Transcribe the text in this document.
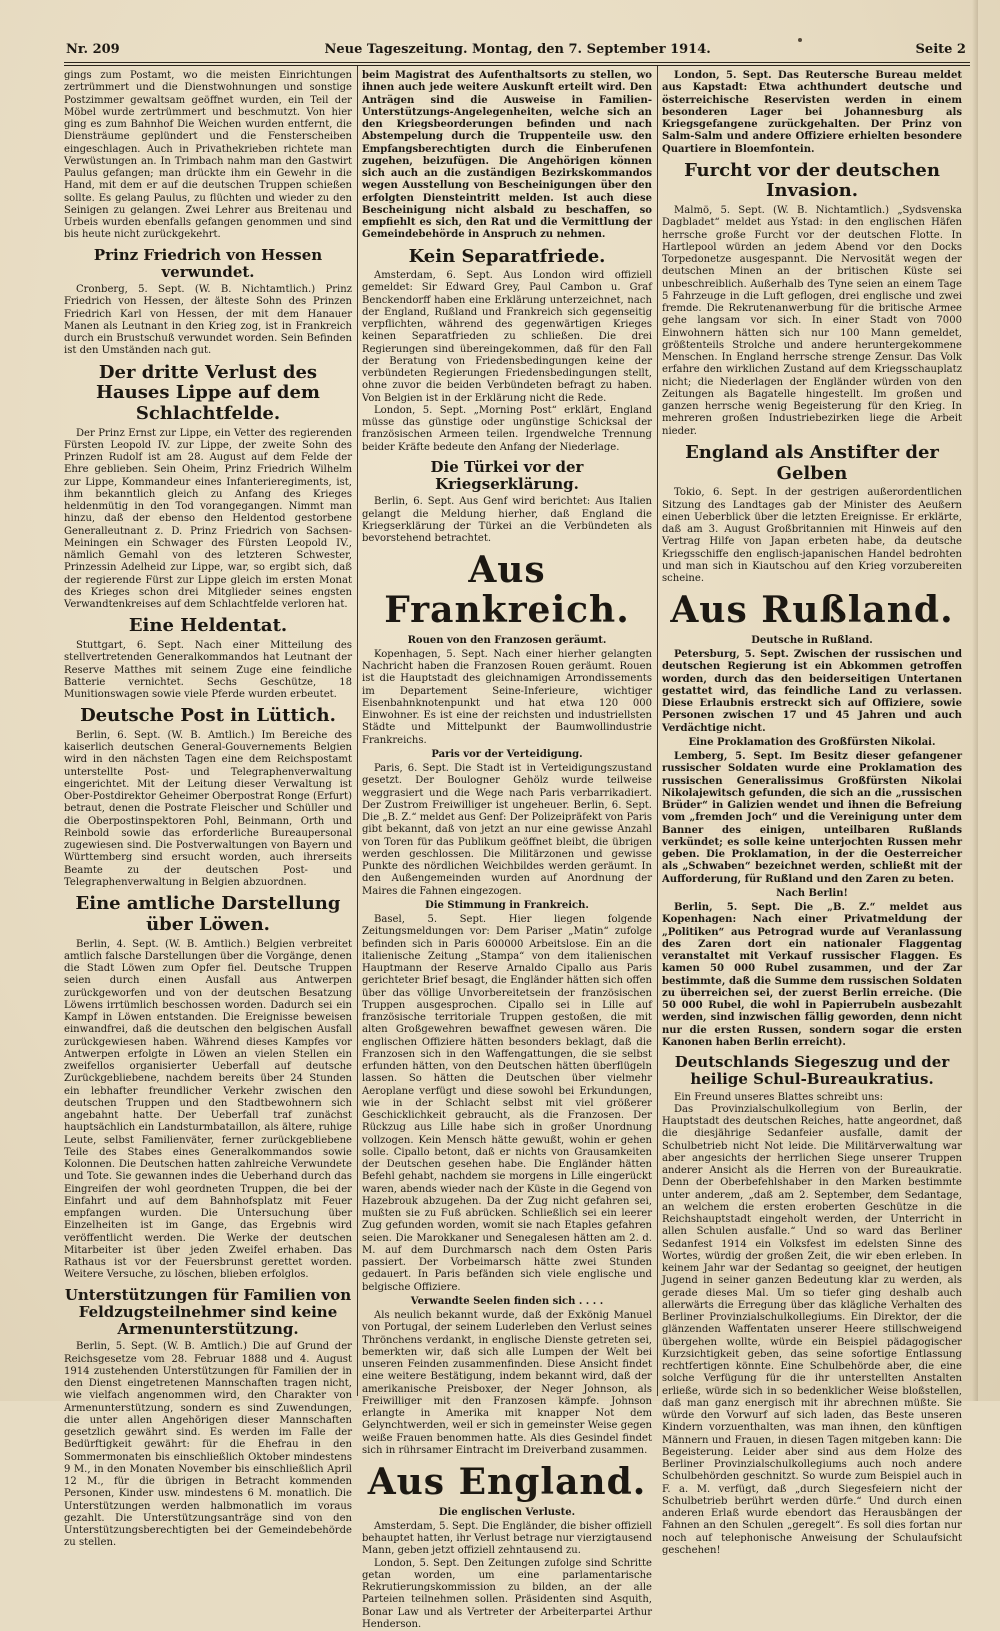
Nr. 209	Neue Tageszeitung. Montag, den 7. September 1914.	Seite 2

gings zum Postamt, wo die meisten Einrichtungen zertrümmert und die Dienstwohnungen und sonstige Postzimmer gewaltsam geöffnet wurden, ein Teil der Möbel wurde zertrümmert und beschmutzt. Von hier ging es zum Bahnhof Die Weichen wurden entfernt, die Diensträume geplündert und die Fensterscheiben eingeschlagen. Auch in Privathekrieben richtete man Verwüstungen an. In Trimbach nahm man den Gastwirt Paulus gefangen; man drückte ihm ein Gewehr in die Hand, mit dem er auf die deutschen Truppen schießen sollte. Es gelang Paulus, zu flüchten und wieder zu den Seinigen zu gelangen. Zwei Lehrer aus Breitenau und Urbeis wurden ebenfalls gefangen genommen und sind bis heute nicht zurückgekehrt.

Prinz Friedrich von Hessen verwundet.

Cronberg, 5. Sept. (W. B. Nichtamtlich.) Prinz Friedrich von Hessen, der älteste Sohn des Prinzen Friedrich Karl von Hessen, der mit dem Hanauer Manen als Leutnant in den Krieg zog, ist in Frankreich durch ein Brustschuß verwundet worden. Sein Befinden ist den Umständen nach gut.

Der dritte Verlust des Hauses Lippe auf dem Schlachtfelde.

Der Prinz Ernst zur Lippe, ein Vetter des regierenden Fürsten Leopold IV. zur Lippe, der zweite Sohn des Prinzen Rudolf ist am 28. August auf dem Felde der Ehre geblieben. Sein Oheim, Prinz Friedrich Wilhelm zur Lippe, Kommandeur eines Infanterieregiments, ist, ihm bekanntlich gleich zu Anfang des Krieges heldenmütig in den Tod vorangegangen. Nimmt man hinzu, daß der ebenso den Heldentod gestorbene Generalleutnant z. D. Prinz Friedrich von Sachsen-Meiningen ein Schwager des Fürsten Leopold IV., nämlich Gemahl von des letzteren Schwester, Prinzessin Adelheid zur Lippe, war, so ergibt sich, daß der regierende Fürst zur Lippe gleich im ersten Monat des Krieges schon drei Mitglieder seines engsten Verwandtenkreises auf dem Schlachtfelde verloren hat.

Eine Heldentat.

Stuttgart, 6. Sept. Nach einer Mitteilung des stellvertretenden Generalkommandos hat Leutnant der Reserve Matthes mit seinem Zuge eine feindliche Batterie vernichtet. Sechs Geschütze, 18 Munitionswagen sowie viele Pferde wurden erbeutet.

Deutsche Post in Lüttich.

Berlin, 6. Sept. (W. B. Amtlich.) Im Bereiche des kaiserlich deutschen General-Gouvernements Belgien wird in den nächsten Tagen eine dem Reichspostamt unterstellte Post- und Telegraphenverwaltung eingerichtet. Mit der Leitung dieser Verwaltung ist Ober-Postdirektor Geheimer Oberpostrat Ronge (Erfurt) betraut, denen die Postrate Fleischer und Schüller und die Oberpostinspektoren Pohl, Beinmann, Orth und Reinbold sowie das erforderliche Bureaupersonal zugewiesen sind. Die Postverwaltungen von Bayern und Württemberg sind ersucht worden, auch ihrerseits Beamte zu der deutschen Post- und Telegraphenverwaltung in Belgien abzuordnen.

Eine amtliche Darstellung über Löwen.

Berlin, 4. Sept. (W. B. Amtlich.) Belgien verbreitet amtlich falsche Darstellungen über die Vorgänge, denen die Stadt Löwen zum Opfer fiel. Deutsche Truppen seien durch einen Ausfall aus Antwerpen zurückgeworfen und von der deutschen Besatzung Löwens irrtümlich beschossen worden. Dadurch sei ein Kampf in Löwen entstanden. Die Ereignisse beweisen einwandfrei, daß die deutschen den belgischen Ausfall zurückgewiesen haben. Während dieses Kampfes vor Antwerpen erfolgte in Löwen an vielen Stellen ein zweifellos organisierter Ueberfall auf deutsche Zurückgebliebene, nachdem bereits über 24 Stunden ein lebhafter freundlicher Verkehr zwischen den deutschen Truppen und den Stadtbewohnern sich angebahnt hatte. Der Ueberfall traf zunächst hauptsächlich ein Landsturmbataillon, als ältere, ruhige Leute, selbst Familienväter, ferner zurückgebliebene Teile des Stabes eines Generalkommandos sowie Kolonnen. Die Deutschen hatten zahlreiche Verwundete und Tote. Sie gewannen indes die Ueberhand durch das Eingreifen der wohl geordneten Truppen, die bei der Einfahrt und auf dem Bahnhofsplatz mit Feuer empfangen wurden. Die Untersuchung über Einzelheiten ist im Gange, das Ergebnis wird veröffentlicht werden. Die Werke der deutschen Mitarbeiter ist über jeden Zweifel erhaben. Das Rathaus ist vor der Feuersbrunst gerettet worden. Weitere Versuche, zu löschen, blieben erfolglos.

Unterstützungen für Familien von Feldzugsteilnehmer sind keine Armenunterstützung.

Berlin, 5. Sept. (W. B. Amtlich.) Die auf Grund der Reichsgesetze vom 28. Februar 1888 und 4. August 1914 zustehenden Unterstützungen für Familien der in den Dienst eingetretenen Mannschaften tragen nicht, wie vielfach angenommen wird, den Charakter von Armenunterstützung, sondern es sind Zuwendungen, die unter allen Angehörigen dieser Mannschaften gesetzlich gewährt sind. Es werden im Falle der Bedürftigkeit gewährt: für die Ehefrau in den Sommermonaten bis einschließlich Oktober mindestens 9 M., in den Monaten November bis einschließlich April 12 M., für die übrigen in Betracht kommenden Personen, Kinder usw. mindestens 6 M. monatlich. Die Unterstützungen werden halbmonatlich im voraus gezahlt. Die Unterstützungsanträge sind von den Unterstützungsberechtigten bei der Gemeindebehörde zu stellen.

beim Magistrat des Aufenthaltsorts zu stellen, wo ihnen auch jede weitere Auskunft erteilt wird. Den Anträgen sind die Ausweise in Familien-Unterstützungs-Angelegenheiten, welche sich an den Kriegsbeorderungen befinden und nach Abstempelung durch die Truppenteile usw. den Empfangsberechtigten durch die Einberufenen zugehen, beizufügen. Die Angehörigen können sich auch an die zuständigen Bezirkskommandos wegen Ausstellung von Bescheinigungen über den erfolgten Diensteintritt melden. Ist auch diese Bescheinigung nicht alsbald zu beschaffen, so empfiehlt es sich, den Rat und die Vermittlung der Gemeindebehörde in Anspruch zu nehmen.

Kein Separatfriede.

Amsterdam, 6. Sept. Aus London wird offiziell gemeldet: Sir Edward Grey, Paul Cambon u. Graf Benckendorff haben eine Erklärung unterzeichnet, nach der England, Rußland und Frankreich sich gegenseitig verpflichten, während des gegenwärtigen Krieges keinen Separatfrieden zu schließen. Die drei Regierungen sind übereingekommen, daß für den Fall der Beratung von Friedensbedingungen keine der verbündeten Regierungen Friedensbedingungen stellt, ohne zuvor die beiden Verbündeten befragt zu haben. Von Belgien ist in der Erklärung nicht die Rede.

London, 5. Sept. „Morning Post“ erklärt, England müsse das günstige oder ungünstige Schicksal der französischen Armeen teilen. Irgendwelche Trennung beider Kräfte bedeute den Anfang der Niederlage.

Die Türkei vor der Kriegserklärung.

Berlin, 6. Sept. Aus Genf wird berichtet: Aus Italien gelangt die Meldung hierher, daß England die Kriegserklärung der Türkei an die Verbündeten als bevorstehend betrachtet.

Aus Frankreich.
Rouen von den Franzosen geräumt.

Kopenhagen, 5. Sept. Nach einer hierher gelangten Nachricht haben die Franzosen Rouen geräumt. Rouen ist die Hauptstadt des gleichnamigen Arrondissements im Departement Seine-Inferieure, wichtiger Eisenbahnknotenpunkt und hat etwa 120 000 Einwohner. Es ist eine der reichsten und industriellsten Städte und Mittelpunkt der Baumwollindustrie Frankreichs.

Paris vor der Verteidigung.

Paris, 6. Sept. Die Stadt ist in Verteidigungszustand gesetzt. Der Boulogner Gehölz wurde teilweise weggrasiert und die Wege nach Paris verbarrikadiert. Der Zustrom Freiwilliger ist ungeheuer. Berlin, 6. Sept. Die „B. Z.“ meldet aus Genf: Der Polizeipräfekt von Paris gibt bekannt, daß von jetzt an nur eine gewisse Anzahl von Toren für das Publikum geöffnet bleibt, die übrigen werden geschlossen. Die Militärzonen und gewisse Punkte des nördlichen Weichbildes werden geräumt. In den Außengemeinden wurden auf Anordnung der Maires die Fahnen eingezogen.

Die Stimmung in Frankreich.

Basel, 5. Sept. Hier liegen folgende Zeitungsmeldungen vor: Dem Pariser „Matin“ zufolge befinden sich in Paris 600000 Arbeitslose. Ein an die italienische Zeitung „Stampa“ von dem italienischen Hauptmann der Reserve Arnaldo Cipallo aus Paris gerichteter Brief besagt, die Engländer hätten sich offen über das völlige Unvorbereitetsein der französischen Truppen ausgesprochen. Cipallo sei in Lille auf französische territoriale Truppen gestoßen, die mit alten Großgewehren bewaffnet gewesen wären. Die englischen Offiziere hätten besonders beklagt, daß die Franzosen sich in den Waffengattungen, die sie selbst erfunden hätten, von den Deutschen hätten überflügeln lassen. So hätten die Deutschen über vielmehr Aeroplane verfügt und diese sowohl bei Erkundungen, wie in der Schlacht selbst mit viel größerer Geschicklichkeit gebraucht, als die Franzosen. Der Rückzug aus Lille habe sich in großer Unordnung vollzogen. Kein Mensch hätte gewußt, wohin er gehen solle. Cipallo betont, daß er nichts von Grausamkeiten der Deutschen gesehen habe. Die Engländer hätten Befehl gehabt, nachdem sie morgens in Lille eingerückt waren, abends wieder nach der Küste in die Gegend von Hazebrouk abzugehen. Da der Zug nicht gefahren sei, mußten sie zu Fuß abrücken. Schließlich sei ein leerer Zug gefunden worden, womit sie nach Etaples gefahren seien. Die Marokkaner und Senegalesen hätten am 2. d. M. auf dem Durchmarsch nach dem Osten Paris passiert. Der Vorbeimarsch hätte zwei Stunden gedauert. In Paris befänden sich viele englische und belgische Offiziere.

Verwandte Seelen finden sich . . . .

Als neulich bekannt wurde, daß der Exkönig Manuel von Portugal, der seinem Luderleben den Verlust seines Thrönchens verdankt, in englische Dienste getreten sei, bemerkten wir, daß sich alle Lumpen der Welt bei unseren Feinden zusammenfinden. Diese Ansicht findet eine weitere Bestätigung, indem bekannt wird, daß der amerikanische Preisboxer, der Neger Johnson, als Freiwilliger mit den Franzosen kämpfe. Johnson erlangte in Amerika mit knapper Not dem Gelynchtwerden, weil er sich in gemeinster Weise gegen weiße Frauen benommen hatte. Als dies Gesindel findet sich in rührsamer Eintracht im Dreiverband zusammen.

Aus England.
Die englischen Verluste.

Amsterdam, 5. Sept. Die Engländer, die bisher offiziell behauptet hatten, ihr Verlust betrage nur vierzigtausend Mann, geben jetzt offiziell zehntausend zu.

London, 5. Sept. Den Zeitungen zufolge sind Schritte getan worden, um eine parlamentarische Rekrutierungskommission zu bilden, an der alle Parteien teilnehmen sollen. Präsidenten sind Asquith, Bonar Law und als Vertreter der Arbeiterpartei Arthur Henderson.

London, 5. Sept. Das Reutersche Bureau meldet aus Kapstadt: Etwa achthundert deutsche und österreichische Reservisten werden in einem besonderen Lager bei Johannesburg als Kriegsgefangene zurückgehalten. Der Prinz von Salm-Salm und andere Offiziere erhielten besondere Quartiere in Bloemfontein.

Furcht vor der deutschen Invasion.

Malmö, 5. Sept. (W. B. Nichtamtlich.) „Sydsvenska Dagbladet“ meldet aus Ystad: in den englischen Häfen herrsche große Furcht vor der deutschen Flotte. In Hartlepool würden an jedem Abend vor den Docks Torpedonetze ausgespannt. Die Nervosität wegen der deutschen Minen an der britischen Küste sei unbeschreiblich. Außerhalb des Tyne seien an einem Tage 5 Fahrzeuge in die Luft geflogen, drei englische und zwei fremde. Die Rekrutenanwerbung für die britische Armee gehe langsam vor sich. In einer Stadt von 7000 Einwohnern hätten sich nur 100 Mann gemeldet, größtenteils Strolche und andere heruntergekommene Menschen. In England herrsche strenge Zensur. Das Volk erfahre den wirklichen Zustand auf dem Kriegsschauplatz nicht; die Niederlagen der Engländer würden von den Zeitungen als Bagatelle hingestellt. Im großen und ganzen herrsche wenig Begeisterung für den Krieg. In mehreren großen Industriebezirken liege die Arbeit nieder.

England als Anstifter der Gelben

Tokio, 6. Sept. In der gestrigen außerordentlichen Sitzung des Landtages gab der Minister des Aeußern einen Ueberblick über die letzten Ereignisse. Er erklärte, daß am 3. August Großbritannien mit Hinweis auf den Vertrag Hilfe von Japan erbeten habe, da deutsche Kriegsschiffe den englisch-japanischen Handel bedrohten und man sich in Kiautschou auf den Krieg vorzubereiten scheine.

Aus Rußland.
Deutsche in Rußland.

Petersburg, 5. Sept. Zwischen der russischen und deutschen Regierung ist ein Abkommen getroffen worden, durch das den beiderseitigen Untertanen gestattet wird, das feindliche Land zu verlassen. Diese Erlaubnis erstreckt sich auf Offiziere, sowie Personen zwischen 17 und 45 Jahren und auch Verdächtige nicht.

Eine Proklamation des Großfürsten Nikolai.

Lemberg, 5. Sept. Im Besitz dieser gefangener russischer Soldaten wurde eine Proklamation des russischen Generalissimus Großfürsten Nikolai Nikolajewitsch gefunden, die sich an die „russischen Brüder“ in Galizien wendet und ihnen die Befreiung vom „fremden Joch“ und die Vereinigung unter dem Banner des einigen, unteilbaren Rußlands verkündet; es solle keine unterjochten Russen mehr geben. Die Proklamation, in der die Oesterreicher als „Schwaben“ bezeichnet werden, schließt mit der Aufforderung, für Rußland und den Zaren zu beten.

Nach Berlin!

Berlin, 5. Sept. Die „B. Z.“ meldet aus Kopenhagen: Nach einer Privatmeldung der „Politiken“ aus Petrograd wurde auf Veranlassung des Zaren dort ein nationaler Flaggentag veranstaltet mit Verkauf russischer Flaggen. Es kamen 50 000 Rubel zusammen, und der Zar bestimmte, daß die Summe dem russischen Soldaten zu überreichen sei, der zuerst Berlin erreiche. (Die 50 000 Rubel, die wohl in Papierrubeln ausbezahlt werden, sind inzwischen fällig geworden, denn nicht nur die ersten Russen, sondern sogar die ersten Kanonen haben Berlin erreicht).

Deutschlands Siegeszug und der heilige Schul-Bureaukratius.

Ein Freund unseres Blattes schreibt uns:

Das Provinzialschulkollegium von Berlin, der Hauptstadt des deutschen Reiches, hatte angeordnet, daß die diesjährige Sedanfeier ausfalle, damit der Schulbetrieb nicht Not leide. Die Militärverwaltung war aber angesichts der herrlichen Siege unserer Truppen anderer Ansicht als die Herren von der Bureaukratie. Denn der Oberbefehlshaber in den Marken bestimmte unter anderem, „daß am 2. September, dem Sedantage, an welchem die ersten eroberten Geschütze in die Reichshauptstadt eingeholt werden, der Unterricht in allen Schulen ausfalle.“ Und so ward das Berliner Sedanfest 1914 ein Volksfest im edelsten Sinne des Wortes, würdig der großen Zeit, die wir eben erleben. In keinem Jahr war der Sedantag so geeignet, der heutigen Jugend in seiner ganzen Bedeutung klar zu werden, als gerade dieses Mal. Um so tiefer ging deshalb auch allerwärts die Erregung über das klägliche Verhalten des Berliner Provinzialschulkollegiums. Ein Direktor, der die glänzenden Waffentaten unserer Heere stillschweigend übergehen wollte, würde ein Beispiel pädagogischer Kurzsichtigkeit geben, das seine sofortige Entlassung rechtfertigen könnte. Eine Schulbehörde aber, die eine solche Verfügung für die ihr unterstellten Anstalten erließe, würde sich in so bedenklicher Weise bloßstellen, daß man ganz energisch mit ihr abrechnen müßte. Sie würde den Vorwurf auf sich laden, das Beste unseren Kindern vorzuenthalten, was man ihnen, den künftigen Männern und Frauen, in diesen Tagen mitgeben kann: Die Begeisterung. Leider aber sind aus dem Holze des Berliner Provinzialschulkollegiums auch noch andere Schulbehörden geschnitzt. So wurde zum Beispiel auch in F. a. M. verfügt, daß „durch Siegesfeiern nicht der Schulbetrieb berührt werden dürfe.“ Und durch einen anderen Erlaß wurde ebendort das Herausbängen der Fahnen an den Schulen „geregelt“. Es soll dies fortan nur noch auf telephonische Anweisung der Schulaufsicht geschehen!
